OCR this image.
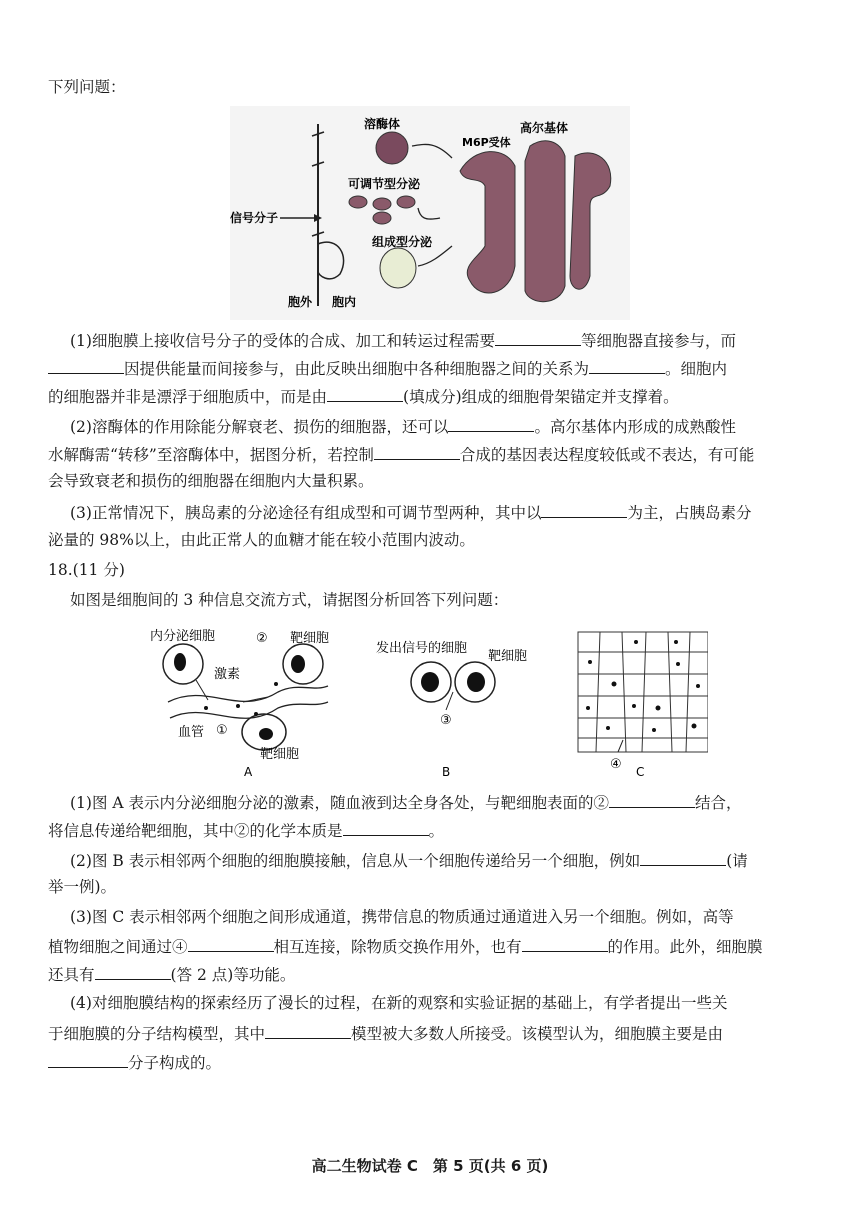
下列问题：
溶酶体
M6P受体
高尔基体
可调节型分泌
信号分子
组成型分泌
胞外 胞内
(1)细胞膜上接收信号分子的受体的合成、加工和转运过程需要	等细胞器直接参与，而
因提供能量而间接参与，由此反映出细胞中各种细胞器之间的关系为	。细胞内
的细胞器并非是漂浮于细胞质中，而是由	(填成分)组成的细胞骨架锚定并支撑着。
(2)溶酶体的作用除能分解衰老、损伤的细胞器，还可以	。高尔基体内形成的成熟酸性
水解酶需“转移”至溶酶体中，据图分析，若控制	合成的基因表达程度较低或不表达，有可能
会导致衰老和损伤的细胞器在细胞内大量积累。
(3)正常情况下，胰岛素的分泌途径有组成型和可调节型两种，其中以	为主，占胰岛素分
泌量的 98%以上，由此正常人的血糖才能在较小范围内波动。
18.(11 分)
如图是细胞间的 3 种信息交流方式，请据图分析回答下列问题：
内分泌细胞	② 靶细胞
激素
血管 ①
靶细胞
A
发出信号的细胞
靶细胞
③
B	④ C
(1)图 A 表示内分泌细胞分泌的激素，随血液到达全身各处，与靶细胞表面的②	结合，
将信息传递给靶细胞，其中②的化学本质是	。
(2)图 B 表示相邻两个细胞的细胞膜接触，信息从一个细胞传递给另一个细胞，例如	(请
举一例)。
(3)图 C 表示相邻两个细胞之间形成通道，携带信息的物质通过通道进入另一个细胞。例如，高等
植物细胞之间通过④	相互连接，除物质交换作用外，也有	的作用。此外，细胞膜
还具有	(答 2 点)等功能。
(4)对细胞膜结构的探索经历了漫长的过程，在新的观察和实验证据的基础上，有学者提出一些关
于细胞膜的分子结构模型，其中	模型被大多数人所接受。该模型认为，细胞膜主要是由
分子构成的。
高二生物试卷 C　第 5 页(共 6 页)
